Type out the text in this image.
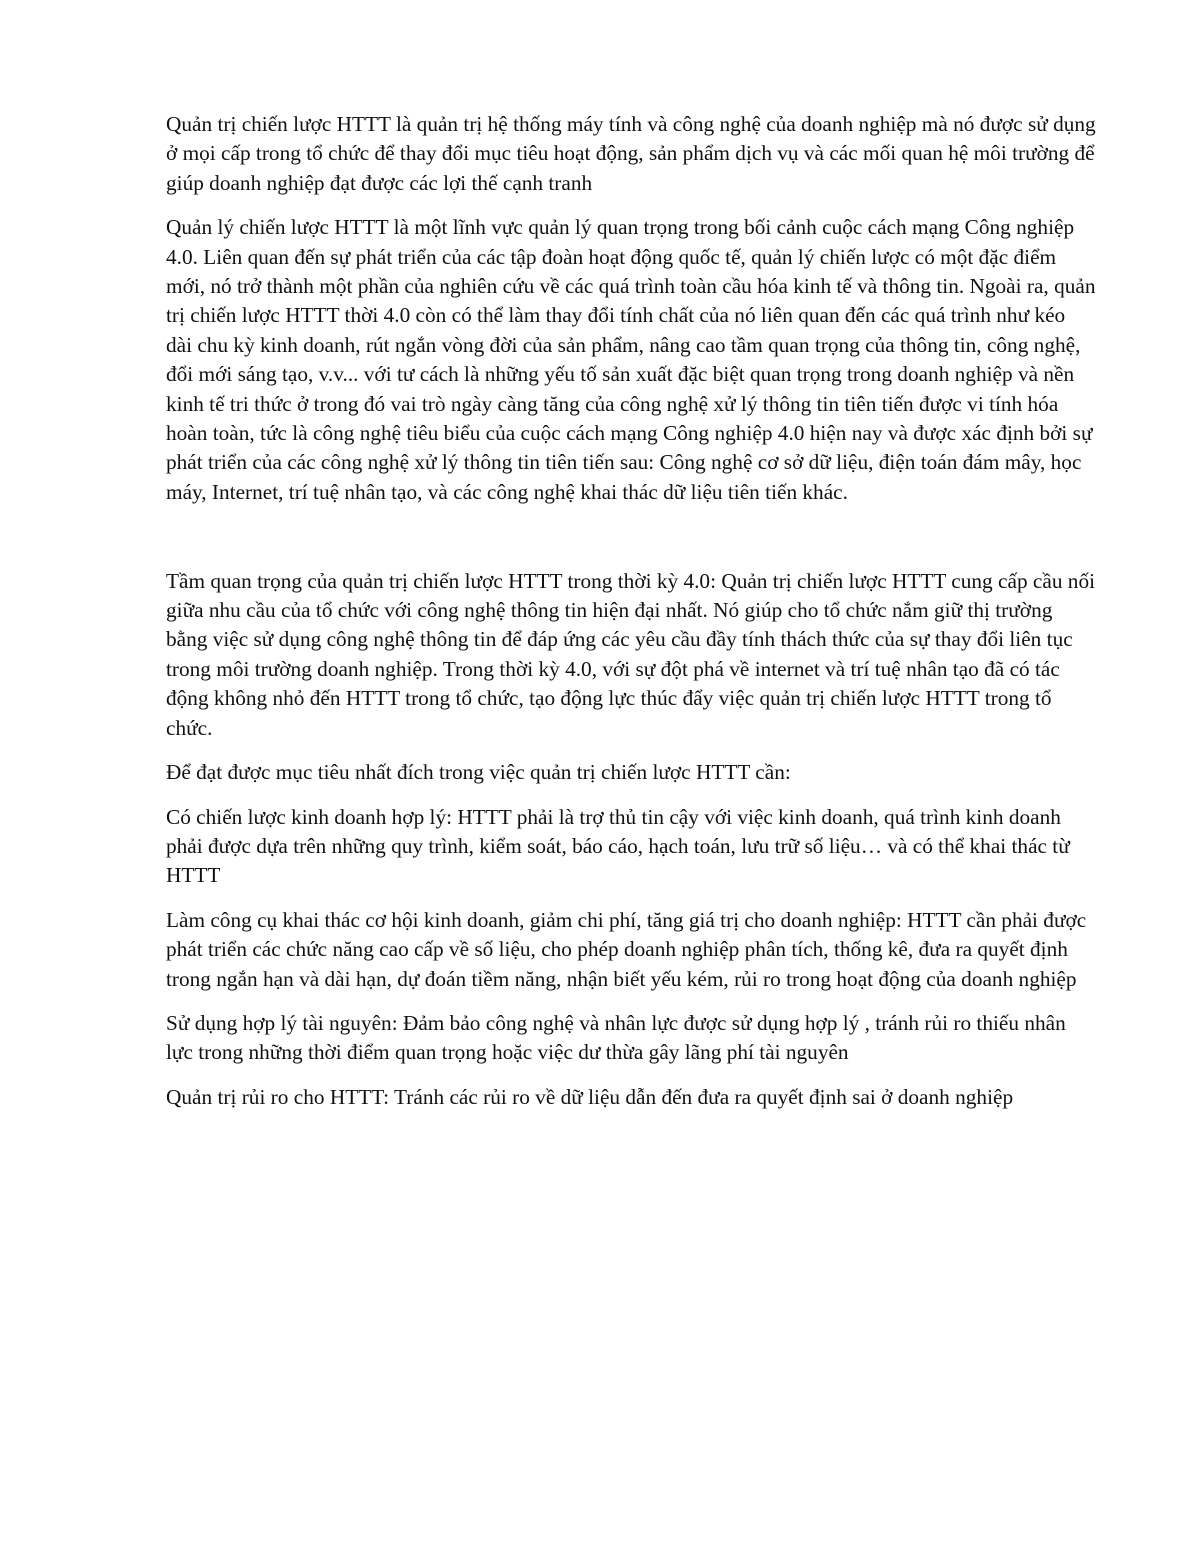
Quản trị chiến lược HTTT là quản trị hệ thống máy tính và công nghệ của doanh nghiệp mà nó được sử dụng ở mọi cấp trong tổ chức để thay đổi mục tiêu hoạt động, sản phẩm dịch vụ và các mối quan hệ môi trường để giúp doanh nghiệp đạt được các lợi thế cạnh tranh

Quản lý chiến lược HTTT là một lĩnh vực quản lý quan trọng trong bối cảnh cuộc cách mạng Công nghiệp 4.0. Liên quan đến sự phát triển của các tập đoàn hoạt động quốc tế, quản lý chiến lược có một đặc điểm mới, nó trở thành một phần của nghiên cứu về các quá trình toàn cầu hóa kinh tế và thông tin. Ngoài ra, quản trị chiến lược HTTT thời 4.0 còn có thể làm thay đổi tính chất của nó liên quan đến các quá trình như kéo dài chu kỳ kinh doanh, rút ngắn vòng đời của sản phẩm, nâng cao tầm quan trọng của thông tin, công nghệ, đổi mới sáng tạo, v.v... với tư cách là những yếu tố sản xuất đặc biệt quan trọng trong doanh nghiệp và nền kinh tế tri thức ở trong đó vai trò ngày càng tăng của công nghệ xử lý thông tin tiên tiến được vi tính hóa hoàn toàn, tức là công nghệ tiêu biểu của cuộc cách mạng Công nghiệp 4.0 hiện nay và được xác định bởi sự phát triển của các công nghệ xử lý thông tin tiên tiến sau: Công nghệ cơ sở dữ liệu, điện toán đám mây, học máy, Internet, trí tuệ nhân tạo, và các công nghệ khai thác dữ liệu tiên tiến khác.

Tầm quan trọng của quản trị chiến lược HTTT trong thời kỳ 4.0: Quản trị chiến lược HTTT cung cấp cầu nối giữa nhu cầu của tổ chức với công nghệ thông tin hiện đại nhất. Nó giúp cho tổ chức nắm giữ thị trường bằng việc sử dụng công nghệ thông tin để đáp ứng các yêu cầu đầy tính thách thức của sự thay đổi liên tục trong môi trường doanh nghiệp. Trong thời kỳ 4.0, với sự đột phá về internet và trí tuệ nhân tạo đã có tác động không nhỏ đến HTTT trong tổ chức, tạo động lực thúc đẩy việc quản trị chiến lược HTTT trong tổ chức.

Để đạt được mục tiêu nhất đích trong việc quản trị chiến lược HTTT cần:

Có chiến lược kinh doanh hợp lý: HTTT phải là trợ thủ tin cậy với việc kinh doanh, quá trình kinh doanh phải được dựa trên những quy trình, kiểm soát, báo cáo, hạch toán, lưu trữ số liệu… và có thể khai thác từ HTTT

Làm công cụ khai thác cơ hội kinh doanh, giảm chi phí, tăng giá trị cho doanh nghiệp: HTTT cần phải được phát triển các chức năng cao cấp về số liệu, cho phép doanh nghiệp phân tích, thống kê, đưa ra quyết định trong ngắn hạn và dài hạn, dự đoán tiềm năng, nhận biết yếu kém, rủi ro trong hoạt động của doanh nghiệp

Sử dụng hợp lý tài nguyên: Đảm bảo công nghệ và nhân lực được sử dụng hợp lý , tránh rủi ro thiếu nhân lực trong những thời điểm quan trọng hoặc việc dư thừa gây lãng phí tài nguyên

Quản trị rủi ro cho HTTT: Tránh các rủi ro về dữ liệu dẫn đến đưa ra quyết định sai ở doanh nghiệp
